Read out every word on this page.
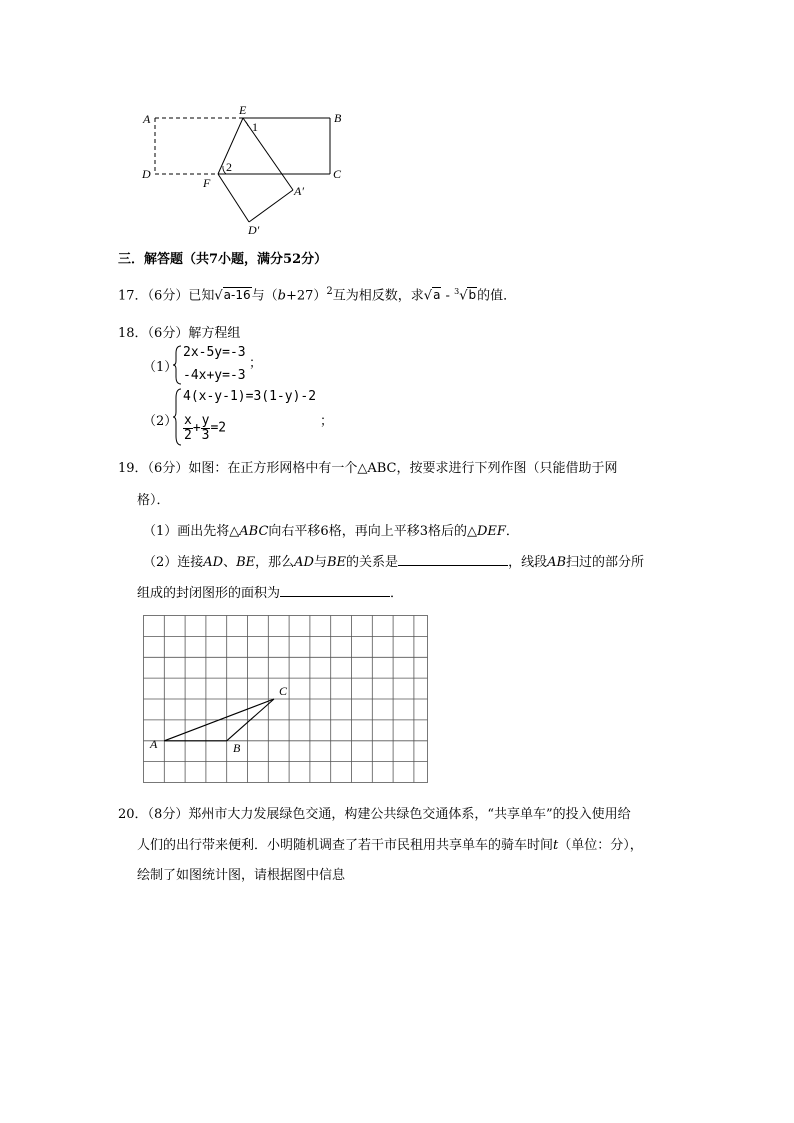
A
E
B
D
F
C
A′
D′
1
2
三．解答题（共7小题，满分52分）
17．（6分）已知√a-16与$(b+27)^2$互为相反数，求√a - $^3$√b的值．
18．（6分）解方程组
（1）
2x-5y=-3
；
-4x+y=-3
（2）
4(x-y-1)=3(1-y)-2
$\frac{x}{2} + \frac{y}{3} =2$	；
19．（6分）如图：在正方形网格中有一个△ABC，按要求进行下列作图（只能借助于网
格）．
（1）画出先将△ABC向右平移6格，再向上平移3格后的△DEF．
（2）连接AD、BE，那么AD与BE的关系是	，线段AB扫过的部分所
组成的封闭图形的面积为	．
A	B
C
20．（8分）郑州市大力发展绿色交通，构建公共绿色交通体系，“共享单车”的投入使用给
人们的出行带来便利．小明随机调查了若干市民租用共享单车的骑车时间t（单位：分），
绘制了如图统计图，请根据图中信息
